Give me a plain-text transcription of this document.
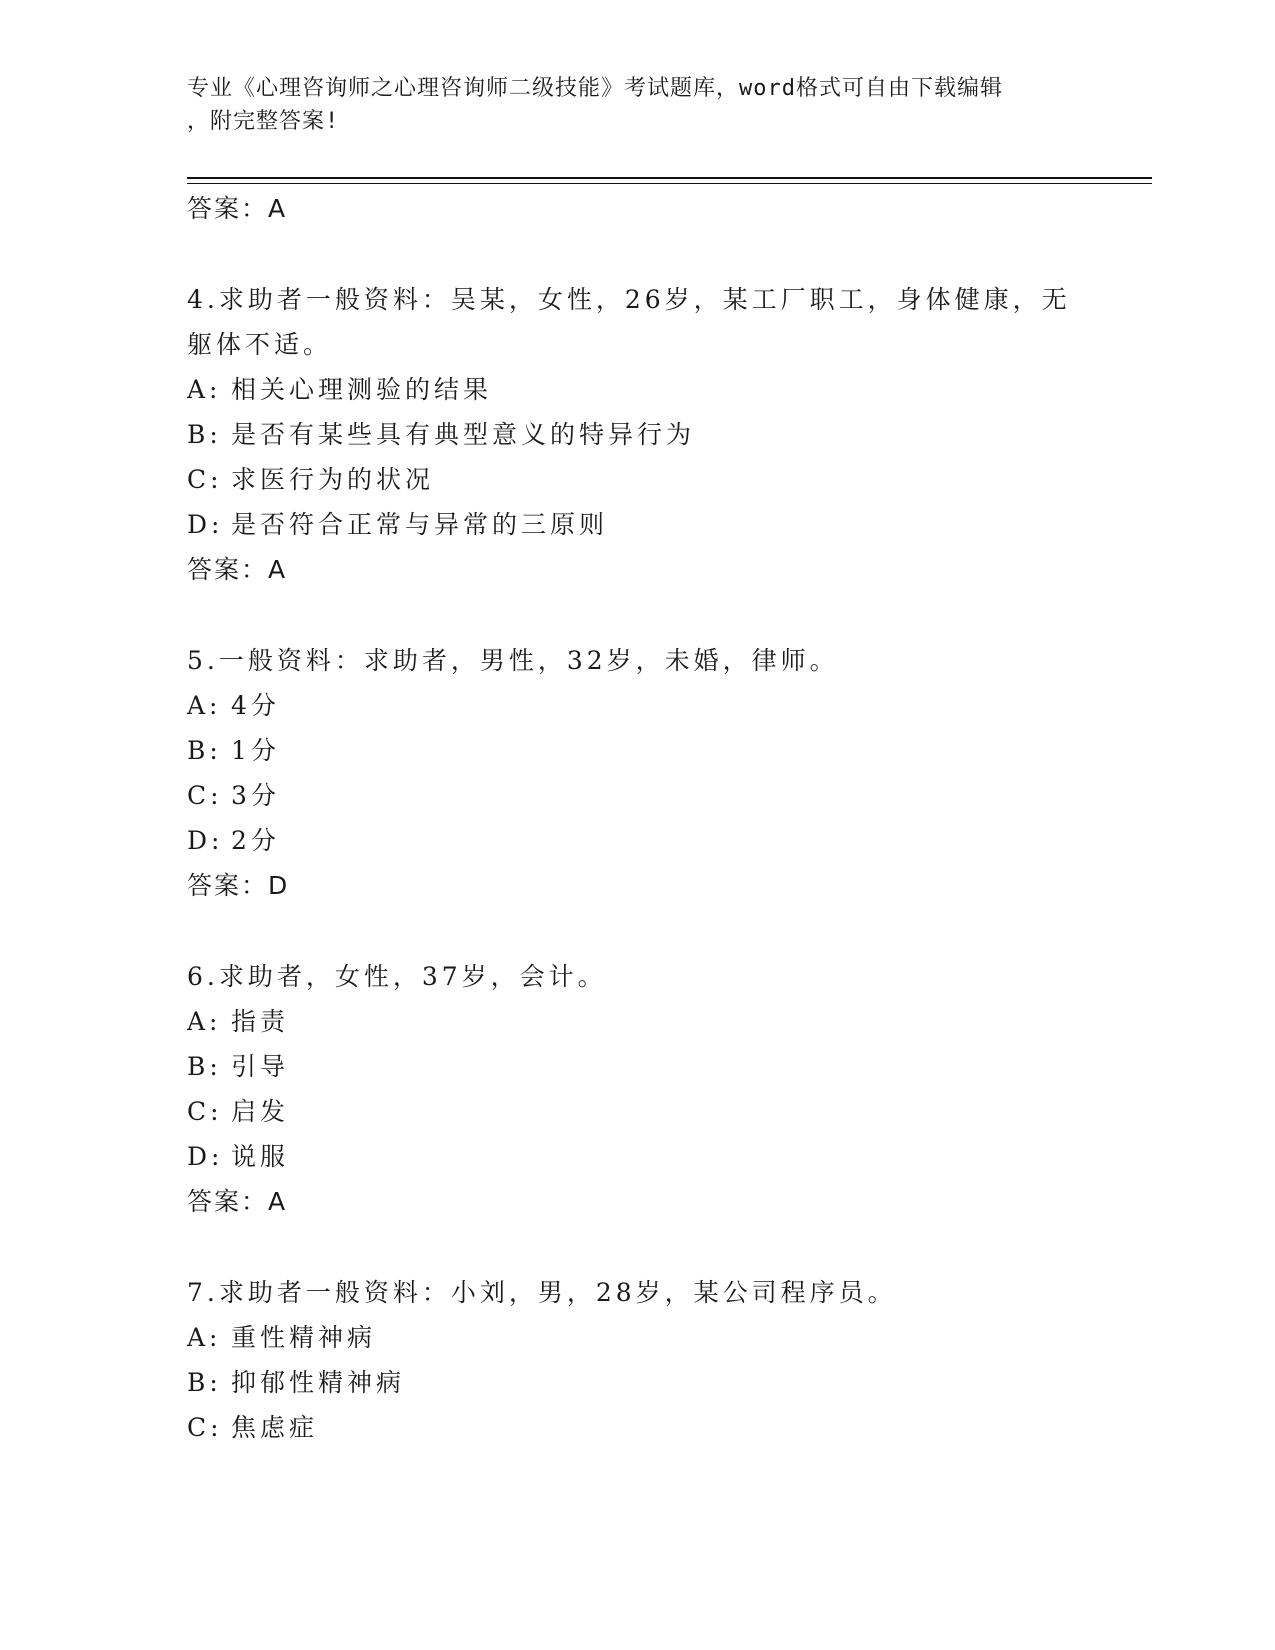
专业《心理咨询师之心理咨询师二级技能》考试题库，word格式可自由下载编辑
，附完整答案!
答案：A
4.求助者一般资料：吴某，女性，26岁，某工厂职工，身体健康，无
躯体不适。
A: 相关心理测验的结果
B: 是否有某些具有典型意义的特异行为
C: 求医行为的状况
D: 是否符合正常与异常的三原则
答案：A
5.一般资料：求助者，男性，32岁，未婚，律师。
A: 4分
B: 1分
C: 3分
D: 2分
答案：D
6.求助者，女性，37岁，会计。
A: 指责
B: 引导
C: 启发
D: 说服
答案：A
7.求助者一般资料：小刘，男，28岁，某公司程序员。
A: 重性精神病
B: 抑郁性精神病
C: 焦虑症
